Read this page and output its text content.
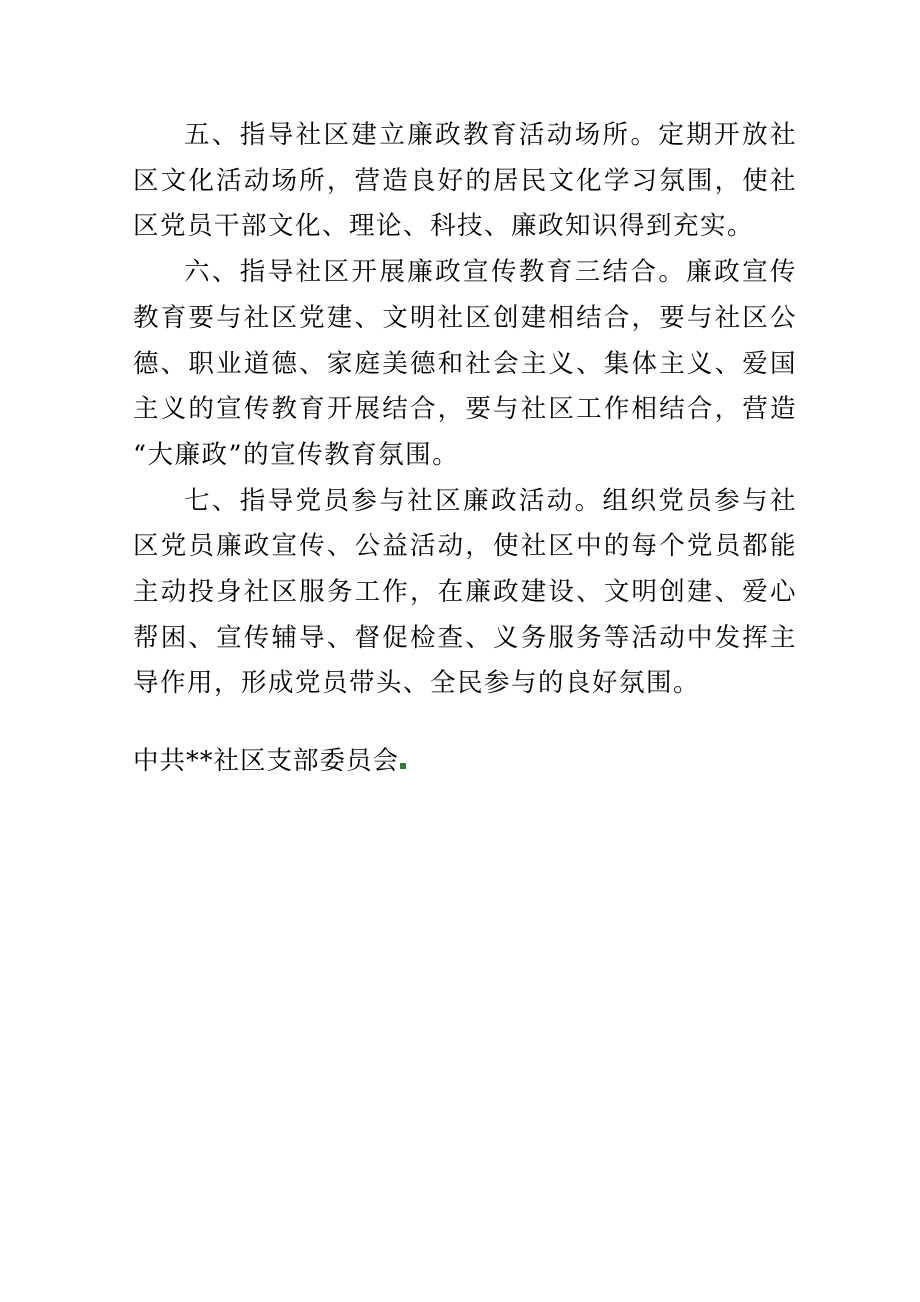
五、指导社区建立廉政教育活动场所。定期开放社区文化活动场所，营造良好的居民文化学习氛围，使社区党员干部文化、理论、科技、廉政知识得到充实。

六、指导社区开展廉政宣传教育三结合。廉政宣传教育要与社区党建、文明社区创建相结合，要与社区公德、职业道德、家庭美德和社会主义、集体主义、爱国主义的宣传教育开展结合，要与社区工作相结合，营造 “大廉政”的宣传教育氛围。

七、指导党员参与社区廉政活动。组织党员参与社区党员廉政宣传、公益活动，使社区中的每个党员都能主动投身社区服务工作，在廉政建设、文明创建、爱心帮困、宣传辅导、督促检查、义务服务等活动中发挥主导作用，形成党员带头、全民参与的良好氛围。

中共**社区支部委员会
